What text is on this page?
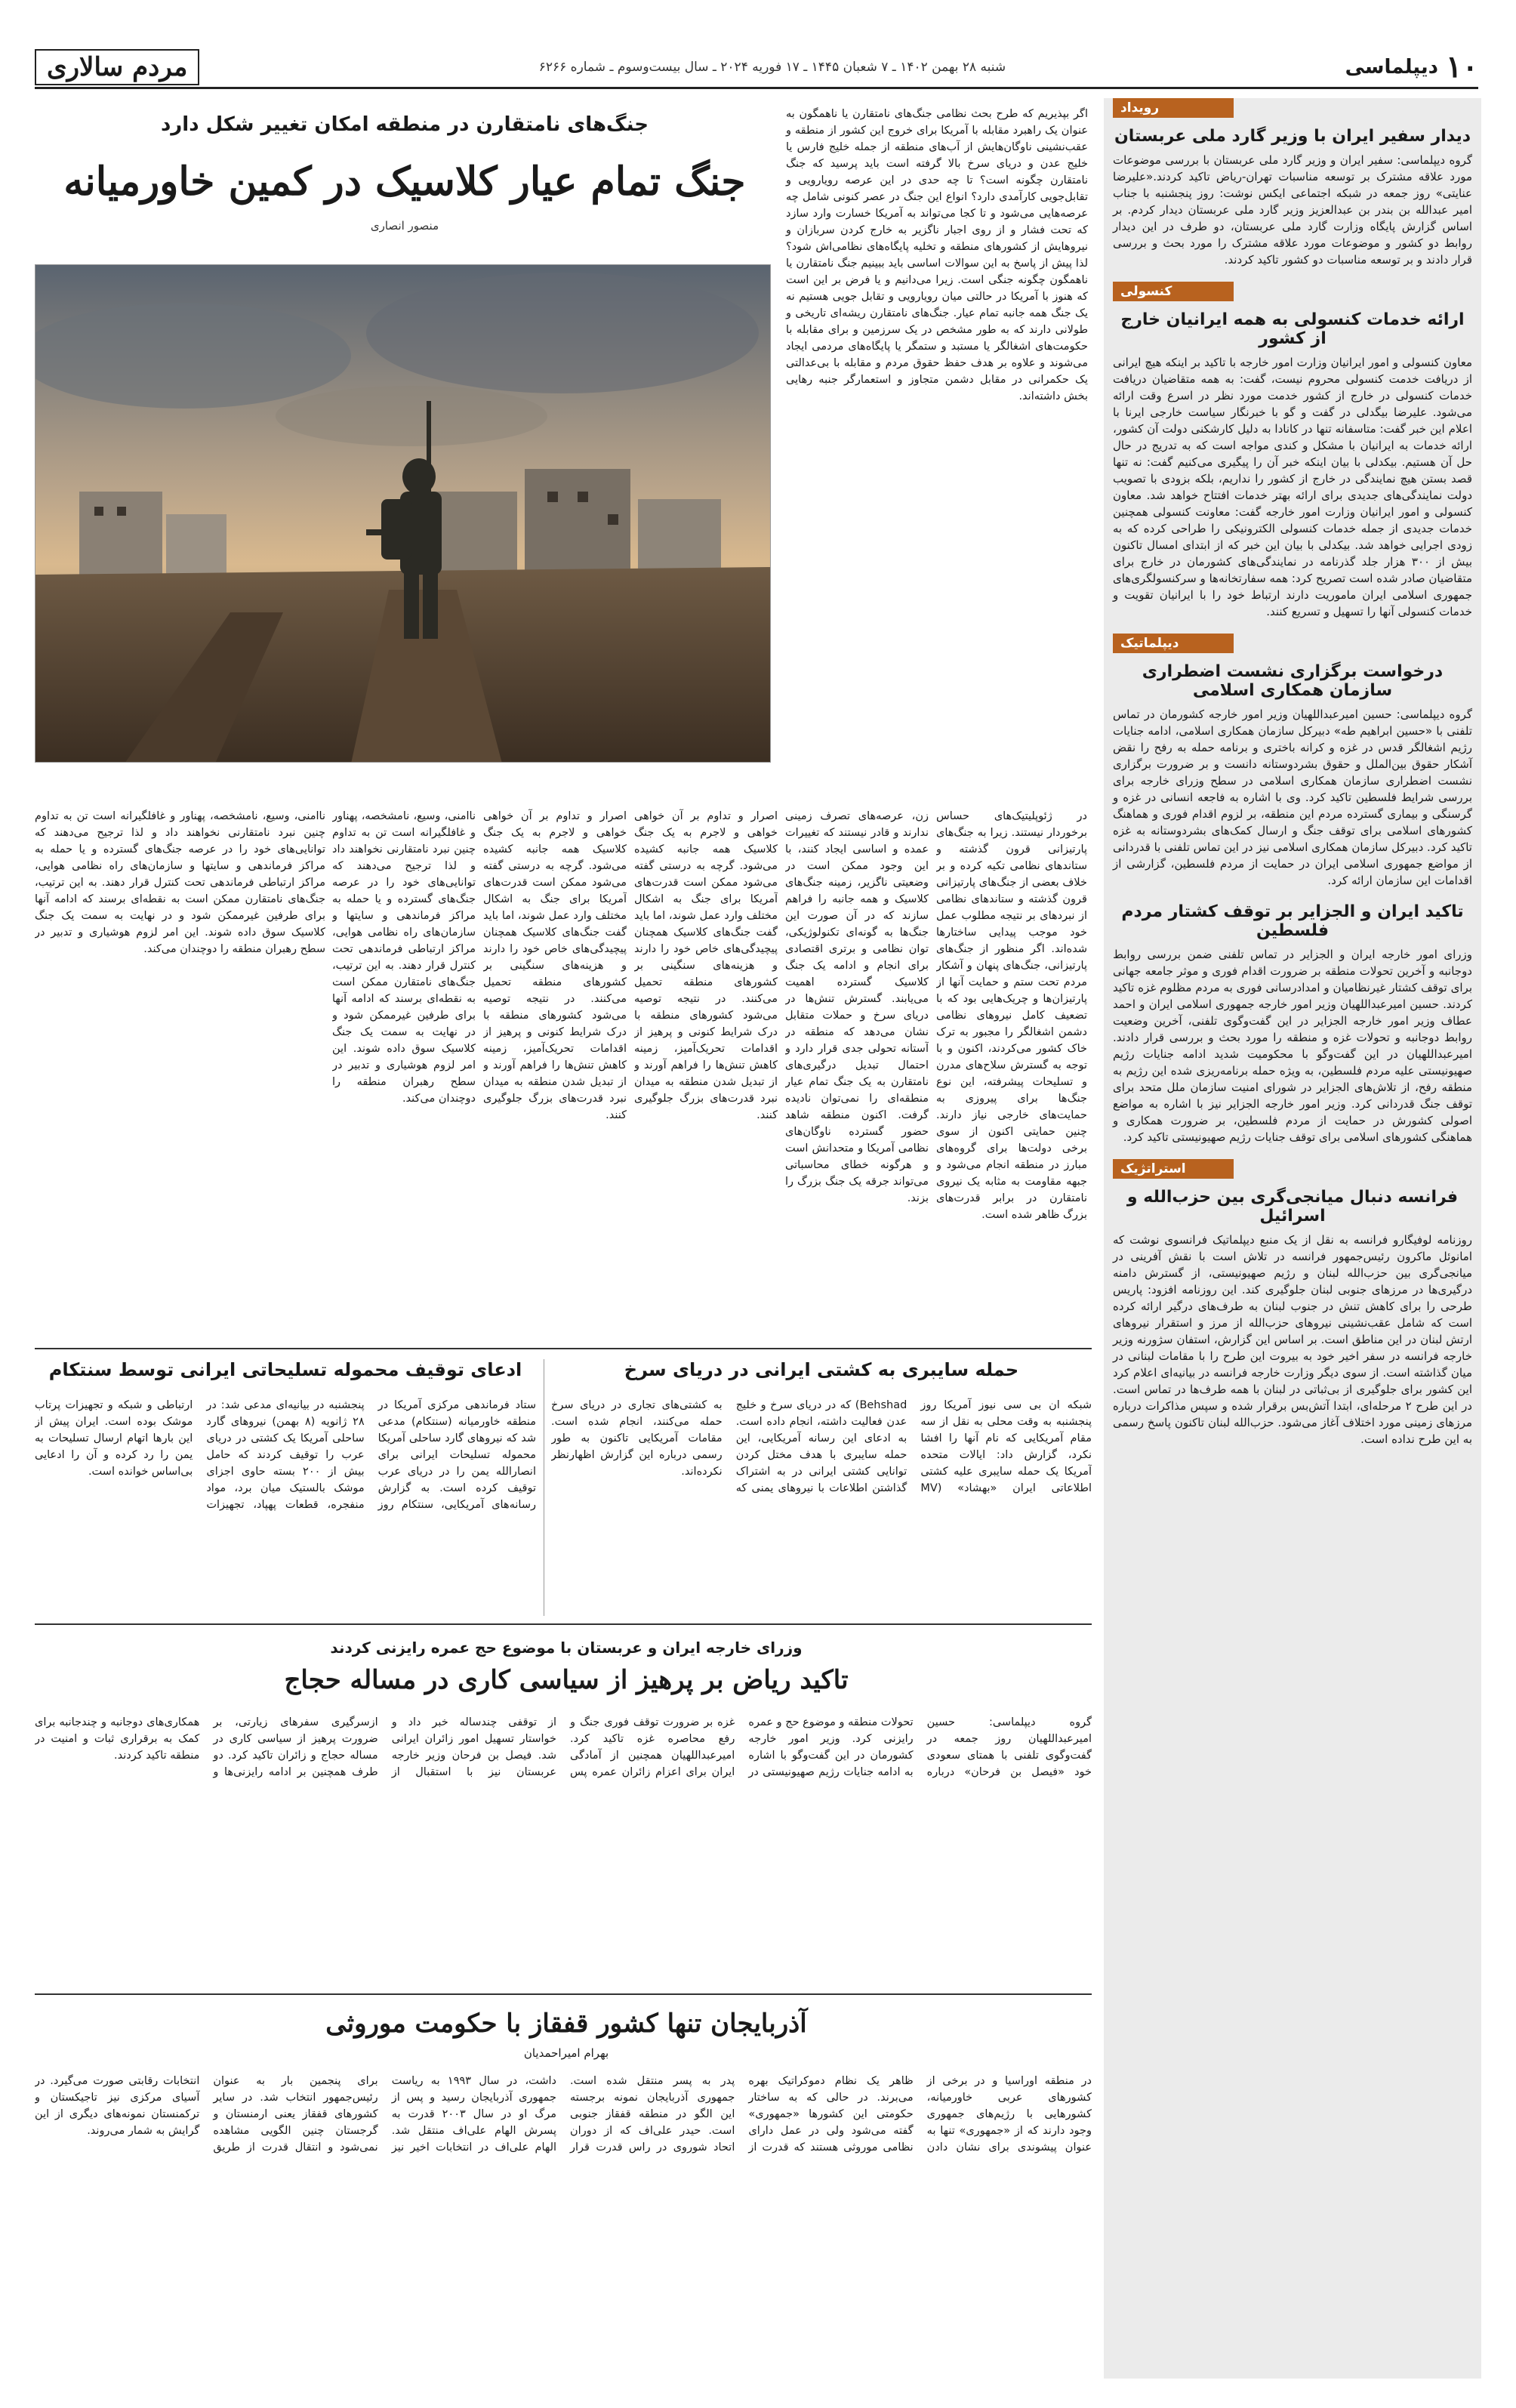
۱۰
دیپلماسی
شنبه ۲۸ بهمن ۱۴۰۲ ـ ۷ شعبان ۱۴۴۵ ـ ۱۷ فوریه ۲۰۲۴ ـ سال بیست‌وسوم ـ شماره ۶۲۶۶
مردم سالاری
رویداد
دیدار سفیر ایران با وزیر گارد ملی عربستان
گروه دیپلماسی: سفیر ایران و وزیر گارد ملی عربستان با بررسی موضوعات مورد علاقه مشترک بر توسعه مناسبات تهران-ریاض تاکید کردند.«علیرضا عنایتی» روز جمعه در شبکه اجتماعی ایکس نوشت: روز پنجشنبه با جناب امیر عبدالله بن بندر بن عبدالعزیز وزیر گارد ملی عربستان دیدار کردم. بر اساس گزارش پایگاه وزارت گارد ملی عربستان، دو طرف در این دیدار روابط دو کشور و موضوعات مورد علاقه مشترک را مورد بحث و بررسی قرار دادند و بر توسعه مناسبات دو کشور تاکید کردند.
کنسولی
ارائه خدمات کنسولی به همه ایرانیان خارج از کشور
معاون کنسولی و امور ایرانیان وزارت امور خارجه با تاکید بر اینکه هیچ ایرانی از دریافت خدمت کنسولی محروم نیست، گفت: به همه متقاضیان دریافت خدمات کنسولی در خارج از کشور خدمت مورد نظر در اسرع وقت ارائه می‌شود. علیرضا بیگدلی در گفت و گو با خبرنگار سیاست خارجی ایرنا با اعلام این خبر گفت: متاسفانه تنها در کانادا به دلیل کارشکنی دولت آن کشور، ارائه خدمات به ایرانیان با مشکل و کندی مواجه است که به تدریج در حال حل آن هستیم. بیکدلی با بیان اینکه خبر آن را پیگیری می‌کنیم گفت: نه تنها قصد بستن هیچ نمایندگی در خارج از کشور را نداریم، بلکه بزودی با تصویب دولت نمایندگی‌های جدیدی برای ارائه بهتر خدمات افتتاح خواهد شد. معاون کنسولی و امور ایرانیان وزارت امور خارجه گفت: معاونت کنسولی همچنین خدمات جدیدی از جمله خدمات کنسولی الکترونیکی را طراحی کرده که به زودی اجرایی خواهد شد. بیکدلی با بیان این خبر که از ابتدای امسال تاکنون بیش از ۳۰۰ هزار جلد گذرنامه در نمایندگی‌های کشورمان در خارج برای متقاضیان صادر شده است تصریح کرد: همه سفارتخانه‌ها و سرکنسولگری‌های جمهوری اسلامی ایران ماموریت دارند ارتباط خود را با ایرانیان تقویت و خدمات کنسولی آنها را تسهیل و تسریع کنند.
دیپلماتیک
درخواست برگزاری نشست اضطراری سازمان همکاری اسلامی
گروه دیپلماسی: حسین امیرعبداللهیان وزیر امور خارجه کشورمان در تماس تلفنی با «حسین ابراهیم طه» دبیرکل سازمان همکاری اسلامی، ادامه جنایات رژیم اشغالگر قدس در غزه و کرانه باختری و برنامه حمله به رفح را نقض آشکار حقوق بین‌الملل و حقوق بشردوستانه دانست و بر ضرورت برگزاری نشست اضطراری سازمان همکاری اسلامی در سطح وزرای خارجه برای بررسی شرایط فلسطین تاکید کرد. وی با اشاره به فاجعه انسانی در غزه و گرسنگی و بیماری گسترده مردم این منطقه، بر لزوم اقدام فوری و هماهنگ کشورهای اسلامی برای توقف جنگ و ارسال کمک‌های بشردوستانه به غزه تاکید کرد. دبیرکل سازمان همکاری اسلامی نیز در این تماس تلفنی با قدردانی از مواضع جمهوری اسلامی ایران در حمایت از مردم فلسطین، گزارشی از اقدامات این سازمان ارائه کرد.
تاکید ایران و الجزایر بر توقف کشتار مردم فلسطین
وزرای امور خارجه ایران و الجزایر در تماس تلفنی ضمن بررسی روابط دوجانبه و آخرین تحولات منطقه بر ضرورت اقدام فوری و موثر جامعه جهانی برای توقف کشتار غیرنظامیان و امدادرسانی فوری به مردم مظلوم غزه تاکید کردند. حسین امیرعبداللهیان وزیر امور خارجه جمهوری اسلامی ایران و احمد عطاف وزیر امور خارجه الجزایر در این گفت‌وگوی تلفنی، آخرین وضعیت روابط دوجانبه و تحولات غزه و منطقه را مورد بحث و بررسی قرار دادند. امیرعبداللهیان در این گفت‌وگو با محکومیت شدید ادامه جنایات رژیم صهیونیستی علیه مردم فلسطین، به ویژه حمله برنامه‌ریزی شده این رژیم به منطقه رفح، از تلاش‌های الجزایر در شورای امنیت سازمان ملل متحد برای توقف جنگ قدردانی کرد. وزیر امور خارجه الجزایر نیز با اشاره به مواضع اصولی کشورش در حمایت از مردم فلسطین، بر ضرورت همکاری و هماهنگی کشورهای اسلامی برای توقف جنایات رژیم صهیونیستی تاکید کرد.
استراتژیک
فرانسه دنبال میانجی‌گری بین حزب‌الله و اسرائیل
روزنامه لوفیگارو فرانسه به نقل از یک منبع دیپلماتیک فرانسوی نوشت که امانوئل ماکرون رئیس‌جمهور فرانسه در تلاش است با نقش آفرینی در میانجی‌گری بین حزب‌الله لبنان و رژیم صهیونیستی، از گسترش دامنه درگیری‌ها در مرزهای جنوبی لبنان جلوگیری کند. این روزنامه افزود: پاریس طرحی را برای کاهش تنش در جنوب لبنان به طرف‌های درگیر ارائه کرده است که شامل عقب‌نشینی نیروهای حزب‌الله از مرز و استقرار نیروهای ارتش لبنان در این مناطق است. بر اساس این گزارش، استفان سژورنه وزیر خارجه فرانسه در سفر اخیر خود به بیروت این طرح را با مقامات لبنانی در میان گذاشته است. از سوی دیگر وزارت خارجه فرانسه در بیانیه‌ای اعلام کرد این کشور برای جلوگیری از بی‌ثباتی در لبنان با همه طرف‌ها در تماس است. در این طرح ۲ مرحله‌ای، ابتدا آتش‌بس برقرار شده و سپس مذاکرات درباره مرزهای زمینی مورد اختلاف آغاز می‌شود. حزب‌الله لبنان تاکنون پاسخ رسمی به این طرح نداده است.
جنگ‌های نامتقارن در منطقه امکان تغییر شکل دارد
جنگ تمام عیار کلاسیک در کمین خاورمیانه
منصور انصاری
اگر بپذیریم که طرح بحث نظامی جنگ‌های نامتقارن یا ناهمگون به عنوان یک راهبرد مقابله با آمریکا برای خروج این کشور از منطقه و عقب‌نشینی ناوگان‌هایش از آب‌های منطقه از جمله خلیج فارس یا خلیج عدن و دریای سرخ بالا گرفته است باید پرسید که جنگ نامتقارن چگونه است؟ تا چه حدی در این عرصه رویارویی و تقابل‌جویی کارآمدی دارد؟ انواع این جنگ در عصر کنونی شامل چه عرصه‌هایی می‌شود و تا کجا می‌تواند به آمریکا خسارت وارد سازد که تحت فشار و از روی اجبار ناگزیر به خارج کردن سربازان و نیروهایش از کشورهای منطقه و تخلیه پایگاه‌های نظامی‌اش شود؟ لذا پیش از پاسخ به این سوالات اساسی باید ببینیم جنگ نامتقارن یا ناهمگون چگونه جنگی است. زیرا می‌دانیم و یا فرض بر این است که هنوز با آمریکا در حالتی میان رویارویی و تقابل جویی هستیم نه یک جنگ همه جانبه تمام عیار. جنگ‌های نامتقارن ریشه‌ای تاریخی و طولانی دارند که به طور مشخص در یک سرزمین و برای مقابله با حکومت‌های اشغالگر یا مستبد و ستمگر یا پایگاه‌های مردمی ایجاد می‌شوند و علاوه بر هدف حفظ حقوق مردم و مقابله با بی‌عدالتی یک حکمرانی در مقابل دشمن متجاوز و استعمارگر جنبه رهایی بخش داشته‌اند.
در ژئوپلیتیک‌های حساس برخوردار نیستند. زیرا به جنگ‌های پارتیزانی قرون گذشته و ستاندهای نظامی تکیه کرده و بر خلاف بعضی از جنگ‌های پارتیزانی قرون گذشته و ستاندهای نظامی از نبردهای بر نتیجه مطلوب عمل خود موجب پیدایی ساختارها شده‌اند. اگر منظور از جنگ‌های پارتیزانی، جنگ‌های پنهان و آشکار مردم تحت ستم و حمایت آنها از پارتیزان‌ها و چریک‌هایی بود که با تضعیف کامل نیروهای نظامی دشمن اشغالگر را مجبور به ترک خاک کشور می‌کردند، اکنون و با توجه به گسترش سلاح‌های مدرن و تسلیحات پیشرفته، این نوع جنگ‌ها برای پیروزی به حمایت‌های خارجی نیاز دارند. چنین حمایتی اکنون از سوی برخی دولت‌ها برای گروه‌های مبارز در منطقه انجام می‌شود و جبهه مقاومت به مثابه یک نیروی نامتقارن در برابر قدرت‌های بزرگ ظاهر شده است.
زن، عرصه‌های تصرف زمینی ندارند و قادر نیستند که تغییرات عمده و اساسی ایجاد کنند، با این وجود ممکن است در وضعیتی ناگزیر، زمینه جنگ‌های کلاسیک و همه جانبه را فراهم سازند که در آن صورت این جنگ‌ها به گونه‌ای تکنولوژیکی، توان نظامی و برتری اقتصادی برای انجام و ادامه یک جنگ کلاسیک گسترده اهمیت می‌یابند. گسترش تنش‌ها در دریای سرخ و حملات متقابل نشان می‌دهد که منطقه در آستانه تحولی جدی قرار دارد و احتمال تبدیل درگیری‌های نامتقارن به یک جنگ تمام عیار منطقه‌ای را نمی‌توان نادیده گرفت. اکنون منطقه شاهد حضور گسترده ناوگان‌های نظامی آمریکا و متحدانش است و هرگونه خطای محاسباتی می‌تواند جرقه یک جنگ بزرگ را بزند.
اصرار و تداوم بر آن خواهی خواهی و لاجرم به یک جنگ کلاسیک همه جانبه کشیده می‌شود. گرچه به درستی گفته می‌شود ممکن است قدرت‌های آمریکا برای جنگ به اشکال مختلف وارد عمل شوند، اما باید گفت جنگ‌های کلاسیک همچنان پیچیدگی‌های خاص خود را دارند و هزینه‌های سنگینی بر کشورهای منطقه تحمیل می‌کنند. در نتیجه توصیه می‌شود کشورهای منطقه با درک شرایط کنونی و پرهیز از اقدامات تحریک‌آمیز، زمینه کاهش تنش‌ها را فراهم آورند و از تبدیل شدن منطقه به میدان نبرد قدرت‌های بزرگ جلوگیری کنند.
اصرار و تداوم بر آن خواهی خواهی و لاجرم به یک جنگ کلاسیک همه جانبه کشیده می‌شود. گرچه به درستی گفته می‌شود ممکن است قدرت‌های آمریکا برای جنگ به اشکال مختلف وارد عمل شوند، اما باید گفت جنگ‌های کلاسیک همچنان پیچیدگی‌های خاص خود را دارند و هزینه‌های سنگینی بر کشورهای منطقه تحمیل می‌کنند. در نتیجه توصیه می‌شود کشورهای منطقه با درک شرایط کنونی و پرهیز از اقدامات تحریک‌آمیز، زمینه کاهش تنش‌ها را فراهم آورند و از تبدیل شدن منطقه به میدان نبرد قدرت‌های بزرگ جلوگیری کنند.
ناامنی، وسیع، نامشخصه، پهناور و غافلگیرانه است تن به تداوم چنین نبرد نامتقارنی نخواهند داد و لذا ترجیح می‌دهند که توانایی‌های خود را در عرصه جنگ‌های گسترده و یا حمله به مراکز فرماندهی و سایتها و سازمان‌های راه نظامی هوایی، مراکز ارتباطی فرماندهی تحت کنترل قرار دهند. به این ترتیب، جنگ‌های نامتقارن ممکن است به نقطه‌ای برسند که ادامه آنها برای طرفین غیرممکن شود و در نهایت به سمت یک جنگ کلاسیک سوق داده شوند. این امر لزوم هوشیاری و تدبیر در سطح رهبران منطقه را دوچندان می‌کند.
ناامنی، وسیع، نامشخصه، پهناور و غافلگیرانه است تن به تداوم چنین نبرد نامتقارنی نخواهند داد و لذا ترجیح می‌دهند که توانایی‌های خود را در عرصه جنگ‌های گسترده و یا حمله به مراکز فرماندهی و سایتها و سازمان‌های راه نظامی هوایی، مراکز ارتباطی فرماندهی تحت کنترل قرار دهند. به این ترتیب، جنگ‌های نامتقارن ممکن است به نقطه‌ای برسند که ادامه آنها برای طرفین غیرممکن شود و در نهایت به سمت یک جنگ کلاسیک سوق داده شوند. این امر لزوم هوشیاری و تدبیر در سطح رهبران منطقه را دوچندان می‌کند.
حمله سایبری به کشتی ایرانی در دریای سرخ
شبکه ان بی سی نیوز آمریکا روز پنجشنبه به وقت محلی به نقل از سه مقام آمریکایی که نام آنها را افشا نکرد، گزارش داد: ایالات متحده آمریکا یک حمله سایبری علیه کشتی اطلاعاتی ایران «بهشاد» (MV Behshad) که در دریای سرخ و خلیج عدن فعالیت داشته، انجام داده است. به ادعای این رسانه آمریکایی، این حمله سایبری با هدف مختل کردن توانایی کشتی ایرانی در به اشتراک گذاشتن اطلاعات با نیروهای یمنی که به کشتی‌های تجاری در دریای سرخ حمله می‌کنند، انجام شده است. مقامات آمریکایی تاکنون به طور رسمی درباره این گزارش اظهارنظر نکرده‌اند.
ادعای توقیف محموله تسلیحاتی ایرانی توسط سنتکام
ستاد فرماندهی مرکزی آمریکا در منطقه خاورمیانه (سنتکام) مدعی شد که نیروهای گارد ساحلی آمریکا محموله تسلیحات ایرانی برای انصارالله یمن را در دریای عرب توقیف کرده است. به گزارش رسانه‌های آمریکایی، سنتکام روز پنجشنبه در بیانیه‌ای مدعی شد: در ۲۸ ژانویه (۸ بهمن) نیروهای گارد ساحلی آمریکا یک کشتی در دریای عرب را توقیف کردند که حامل بیش از ۲۰۰ بسته حاوی اجزای موشک بالستیک میان برد، مواد منفجره، قطعات پهپاد، تجهیزات ارتباطی و شبکه و تجهیزات پرتاب موشک بوده است. ایران پیش از این بارها اتهام ارسال تسلیحات به یمن را رد کرده و آن را ادعایی بی‌اساس خوانده است.
وزرای خارجه ایران و عربستان با موضوع حج عمره رایزنی کردند
تاکید ریاض بر پرهیز از سیاسی کاری در مساله حجاج
گروه دیپلماسی: حسین امیرعبداللهیان روز جمعه در گفت‌وگوی تلفنی با همتای سعودی خود «فیصل بن فرحان» درباره تحولات منطقه و موضوع حج و عمره رایزنی کرد. وزیر امور خارجه کشورمان در این گفت‌وگو با اشاره به ادامه جنایات رژیم صهیونیستی در غزه بر ضرورت توقف فوری جنگ و رفع محاصره غزه تاکید کرد. امیرعبداللهیان همچنین از آمادگی ایران برای اعزام زائران عمره پس از توقفی چندساله خبر داد و خواستار تسهیل امور زائران ایرانی شد. فیصل بن فرحان وزیر خارجه عربستان نیز با استقبال از ازسرگیری سفرهای زیارتی، بر ضرورت پرهیز از سیاسی کاری در مساله حجاج و زائران تاکید کرد. دو طرف همچنین بر ادامه رایزنی‌ها و همکاری‌های دوجانبه و چندجانبه برای کمک به برقراری ثبات و امنیت در منطقه تاکید کردند.
آذربایجان تنها کشور قفقاز با حکومت موروثی
بهرام امیراحمدیان
در منطقه اوراسیا و در برخی از کشورهای عربی خاورمیانه، کشورهایی با رژیم‌های جمهوری وجود دارند که از «جمهوری» تنها به عنوان پیشوندی برای نشان دادن ظاهر یک نظام دموکراتیک بهره می‌برند. در حالی که به ساختار حکومتی این کشورها «جمهوری» گفته می‌شود ولی در عمل دارای نظامی موروثی هستند که قدرت از پدر به پسر منتقل شده است. جمهوری آذربایجان نمونه برجسته این الگو در منطقه قفقاز جنوبی است. حیدر علی‌اف که از دوران اتحاد شوروی در راس قدرت قرار داشت، در سال ۱۹۹۳ به ریاست جمهوری آذربایجان رسید و پس از مرگ او در سال ۲۰۰۳ قدرت به پسرش الهام علی‌اف منتقل شد. الهام علی‌اف در انتخابات اخیر نیز برای پنجمین بار به عنوان رئیس‌جمهور انتخاب شد. در سایر کشورهای قفقاز یعنی ارمنستان و گرجستان چنین الگویی مشاهده نمی‌شود و انتقال قدرت از طریق انتخابات رقابتی صورت می‌گیرد. در آسیای مرکزی نیز تاجیکستان و ترکمنستان نمونه‌های دیگری از این گرایش به شمار می‌روند.
